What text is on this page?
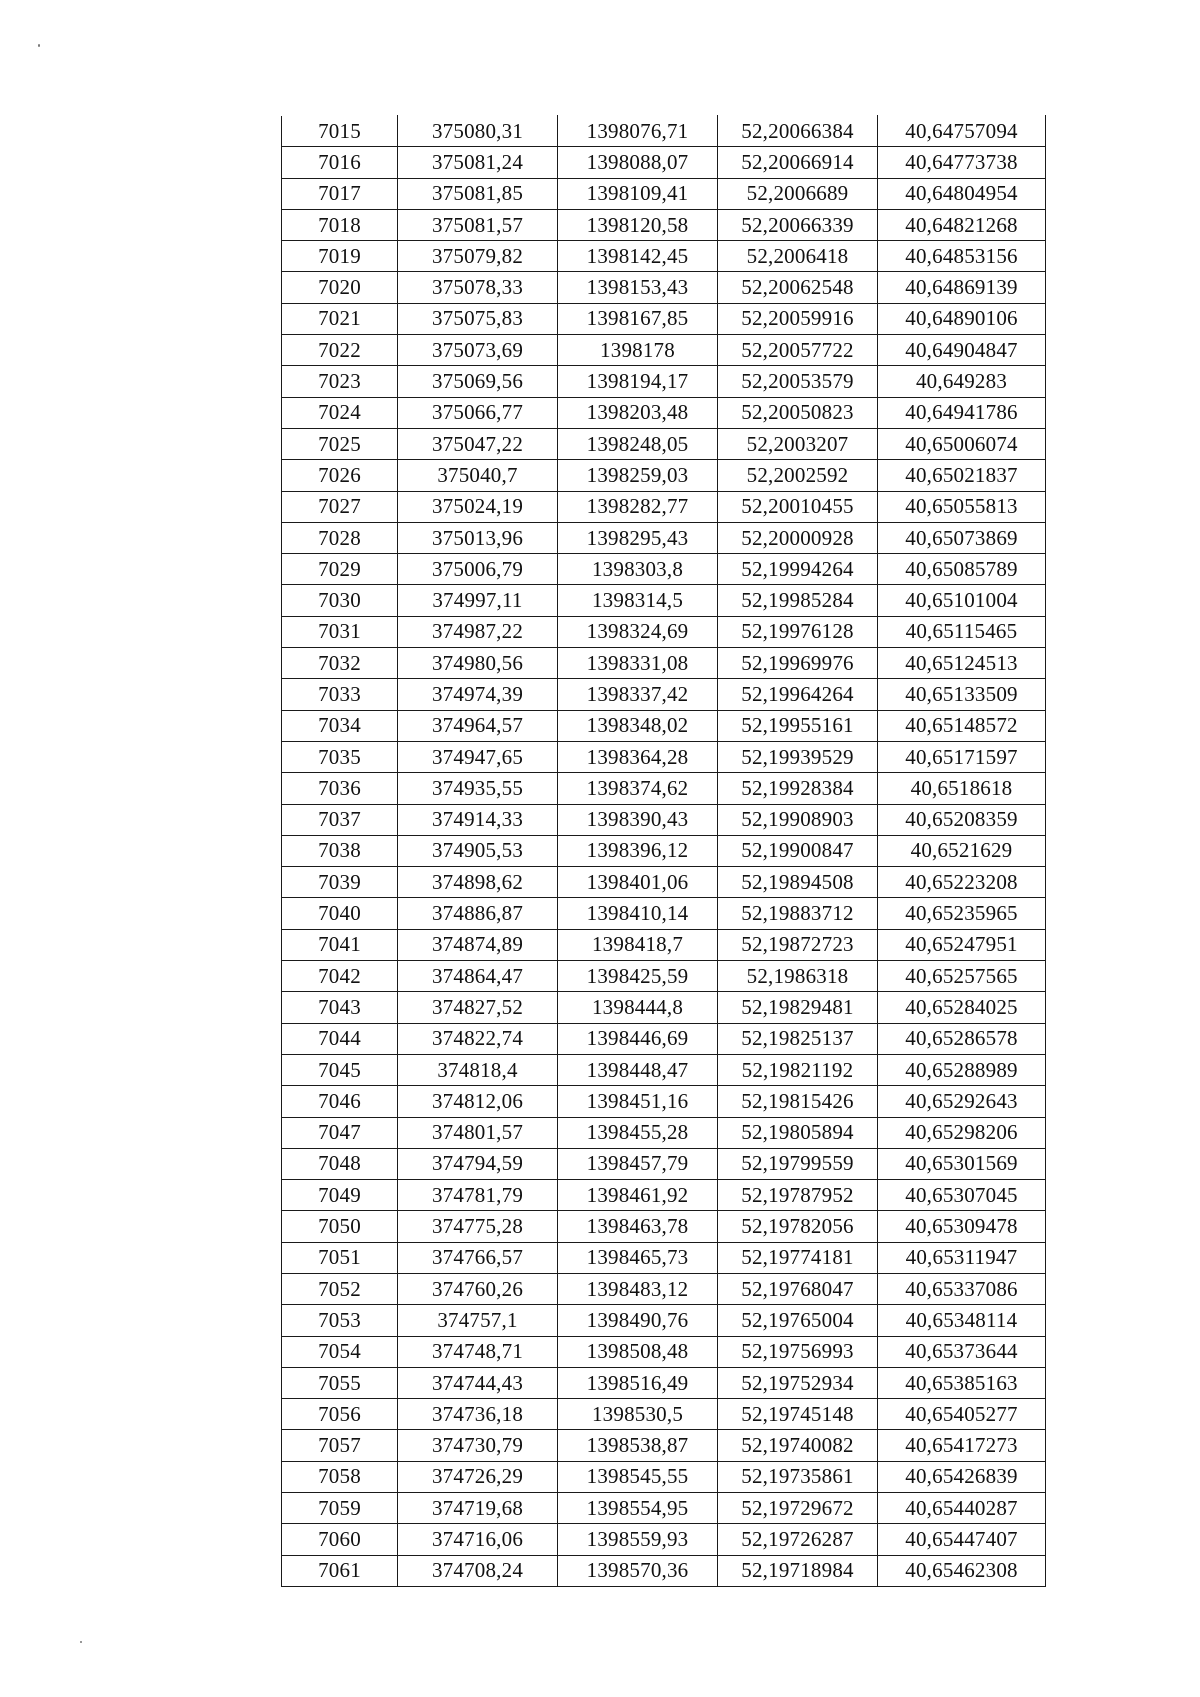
7015	375080,31	1398076,71	52,20066384	40,64757094
7016	375081,24	1398088,07	52,20066914	40,64773738
7017	375081,85	1398109,41	52,2006689	40,64804954
7018	375081,57	1398120,58	52,20066339	40,64821268
7019	375079,82	1398142,45	52,2006418	40,64853156
7020	375078,33	1398153,43	52,20062548	40,64869139
7021	375075,83	1398167,85	52,20059916	40,64890106
7022	375073,69	1398178	52,20057722	40,64904847
7023	375069,56	1398194,17	52,20053579	40,649283
7024	375066,77	1398203,48	52,20050823	40,64941786
7025	375047,22	1398248,05	52,2003207	40,65006074
7026	375040,7	1398259,03	52,2002592	40,65021837
7027	375024,19	1398282,77	52,20010455	40,65055813
7028	375013,96	1398295,43	52,20000928	40,65073869
7029	375006,79	1398303,8	52,19994264	40,65085789
7030	374997,11	1398314,5	52,19985284	40,65101004
7031	374987,22	1398324,69	52,19976128	40,65115465
7032	374980,56	1398331,08	52,19969976	40,65124513
7033	374974,39	1398337,42	52,19964264	40,65133509
7034	374964,57	1398348,02	52,19955161	40,65148572
7035	374947,65	1398364,28	52,19939529	40,65171597
7036	374935,55	1398374,62	52,19928384	40,6518618
7037	374914,33	1398390,43	52,19908903	40,65208359
7038	374905,53	1398396,12	52,19900847	40,6521629
7039	374898,62	1398401,06	52,19894508	40,65223208
7040	374886,87	1398410,14	52,19883712	40,65235965
7041	374874,89	1398418,7	52,19872723	40,65247951
7042	374864,47	1398425,59	52,1986318	40,65257565
7043	374827,52	1398444,8	52,19829481	40,65284025
7044	374822,74	1398446,69	52,19825137	40,65286578
7045	374818,4	1398448,47	52,19821192	40,65288989
7046	374812,06	1398451,16	52,19815426	40,65292643
7047	374801,57	1398455,28	52,19805894	40,65298206
7048	374794,59	1398457,79	52,19799559	40,65301569
7049	374781,79	1398461,92	52,19787952	40,65307045
7050	374775,28	1398463,78	52,19782056	40,65309478
7051	374766,57	1398465,73	52,19774181	40,65311947
7052	374760,26	1398483,12	52,19768047	40,65337086
7053	374757,1	1398490,76	52,19765004	40,65348114
7054	374748,71	1398508,48	52,19756993	40,65373644
7055	374744,43	1398516,49	52,19752934	40,65385163
7056	374736,18	1398530,5	52,19745148	40,65405277
7057	374730,79	1398538,87	52,19740082	40,65417273
7058	374726,29	1398545,55	52,19735861	40,65426839
7059	374719,68	1398554,95	52,19729672	40,65440287
7060	374716,06	1398559,93	52,19726287	40,65447407
7061	374708,24	1398570,36	52,19718984	40,65462308
